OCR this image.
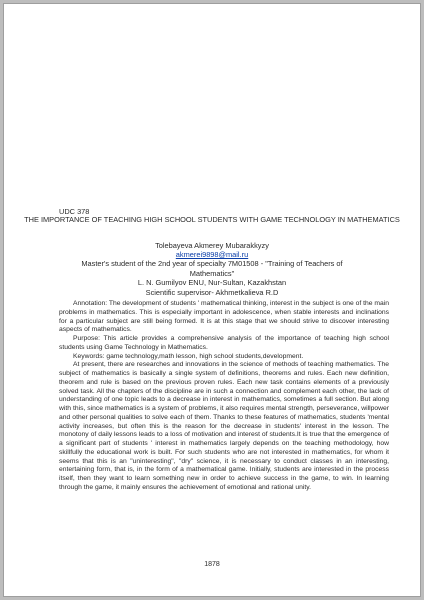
UDC 378
THE IMPORTANCE OF TEACHING HIGH SCHOOL STUDENTS WITH GAME TECHNOLOGY IN MATHEMATICS
Tolebayeva Akmerey Mubarakkyzy
akmerei9898@mail.ru
Master's student of the 2nd year of specialty 7M01508 - "Training of Teachers of
Mathematics"
L. N. Gumilyov ENU, Nur-Sultan, Kazakhstan
Scientific supervisor- Akhmetkalieva R.D

Annotation: The development of students ' mathematical thinking, interest in the subject is one of the main problems in mathematics. This is especially important in adolescence, when stable interests and inclinations for a particular subject are still being formed. It is at this stage that we should strive to discover interesting aspects of mathematics.

Purpose: This article provides a comprehensive analysis of the importance of teaching high school students using Game Technology in Mathematics.

Keywords: game technology,math lesson, high school students,development.

At present, there are researches and innovations in the science of methods of teaching mathematics. The subject of mathematics is basically a single system of definitions, theorems and rules. Each new definition, theorem and rule is based on the previous proven rules. Each new task contains elements of a previously solved task. All the chapters of the discipline are in such a connection and complement each other, the lack of understanding of one topic leads to a decrease in interest in mathematics, sometimes a full section. But along with this, since mathematics is a system of problems, it also requires mental strength, perseverance, willpower and other personal qualities to solve each of them. Thanks to these features of mathematics, students 'mental activity increases, but often this is the reason for the decrease in students' interest in the lesson. The monotony of daily lessons leads to a loss of motivation and interest of students.It is true that the emergence of a significant part of students ' interest in mathematics largely depends on the teaching methodology, how skillfully the educational work is built. For such students who are not interested in mathematics, for whom it seems that this is an "uninteresting", "dry" science, it is necessary to conduct classes in an interesting, entertaining form, that is, in the form of a mathematical game. Initially, students are interested in the process itself, then they want to learn something new in order to achieve success in the game, to win. In learning through the game, it mainly ensures the achievement of emotional and rational unity.

1878
